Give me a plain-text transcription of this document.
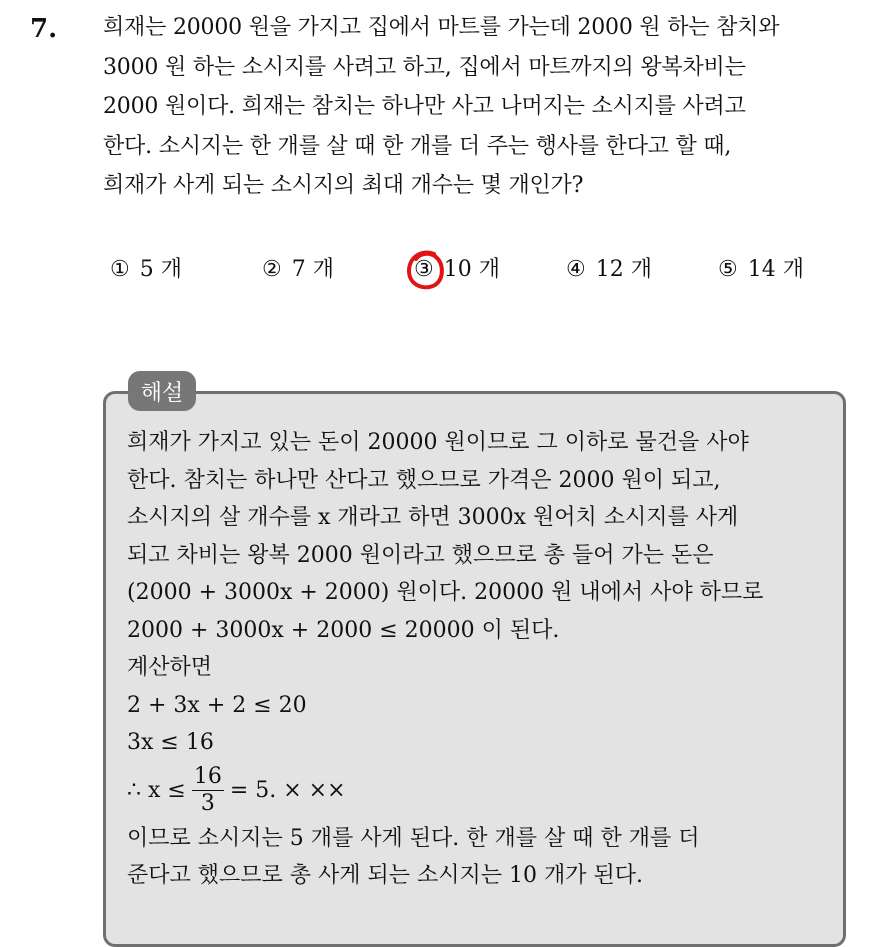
7. 희재는 20000 원을 가지고 집에서 마트를 가는데 2000 원 하는 참치와
3000 원 하는 소시지를 사려고 하고, 집에서 마트까지의 왕복차비는
2000 원이다. 희재는 참치는 하나만 사고 나머지는 소시지를 사려고
한다. 소시지는 한 개를 살 때 한 개를 더 주는 행사를 한다고 할 때,
희재가 사게 되는 소시지의 최대 개수는 몇 개인가?
① 5 개	② 7 개	③ 10 개	④ 12 개	⑤ 14 개
해설
희재가 가지고 있는 돈이 20000 원이므로 그 이하로 물건을 사야
한다. 참치는 하나만 산다고 했으므로 가격은 2000 원이 되고,
소시지의 살 개수를 x 개라고 하면 3000x 원어치 소시지를 사게
되고 차비는 왕복 2000 원이라고 했으므로 총 들어 가는 돈은
(2000 + 3000x + 2000) 원이다. 20000 원 내에서 사야 하므로
2000 + 3000x + 2000 ≤ 20000 이 된다.
계산하면
2 + 3x + 2 ≤ 20
3x ≤ 16
∴ $x \le \frac{16}{3} = 5$. × ××
이므로 소시지는 5 개를 사게 된다. 한 개를 살 때 한 개를 더
준다고 했으므로 총 사게 되는 소시지는 10 개가 된다.
